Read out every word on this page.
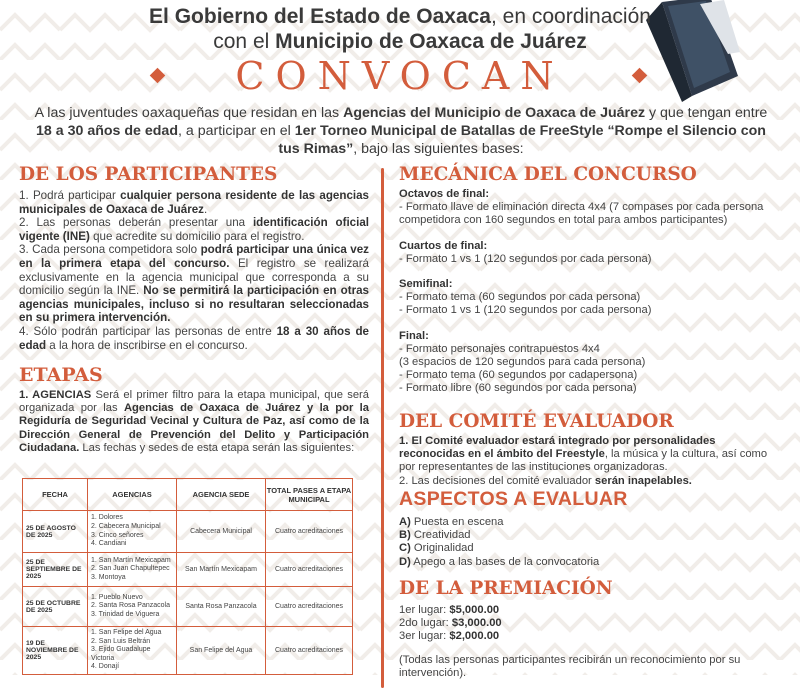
El Gobierno del Estado de Oaxaca, en coordinación
con el Municipio de Oaxaca de Juárez
CONVOCAN
A las juventudes oaxaqueñas que residan en las Agencias del Municipio de Oaxaca de Juárez y que tengan entre 18 a 30 años de edad, a participar en el 1er Torneo Municipal de Batallas de FreeStyle “Rompe el Silencio con tus Rimas”, bajo las siguientes bases:
DE LOS PARTICIPANTES

1. Podrá participar cualquier persona residente de las agencias municipales de Oaxaca de Juárez.

2. Las personas deberán presentar una identificación oficial vigente (INE) que acredite su domicilio para el registro.

3. Cada persona competidora solo podrá participar una única vez en la primera etapa del concurso. El registro se realizará exclusivamente en la agencia municipal que corresponda a su domicilio según la INE. No se permitirá la participación en otras agencias municipales, incluso si no resultaran seleccionadas en su primera intervención.

4. Sólo podrán participar las personas de entre 18 a 30 años de edad a la hora de inscribirse en el concurso.

ETAPAS

1. AGENCIAS Será el primer filtro para la etapa municipal, que será organizada por las Agencias de Oaxaca de Juárez y la por la Regiduría de Seguridad Vecinal y Cultura de Paz, así como de la Dirección General de Prevención del Delito y Participación Ciudadana. Las fechas y sedes de esta etapa serán las siguientes:

FECHA	AGENCIAS	AGENCIA SEDE	TOTAL PASES A ETAPA MUNICIPAL
25 DE AGOSTO DE 2025	1. Dolores
2. Cabecera Municipal
3. Cinco señores
4. Candiani	Cabecera Municipal	Cuatro acreditaciones
25 DE SEPTIEMBRE DE 2025	1. San Martín Mexicapam
2. San Juan Chapultepec
3. Montoya	San Martín Mexicapam	Cuatro acreditaciones
25 DE OCTUBRE DE 2025	1. Pueblo Nuevo
2. Santa Rosa Panzacola
3. Trinidad de Viguera	Santa Rosa Panzacola	Cuatro acreditaciones
19 DE NOVIEMBRE DE 2025	1. San Felipe del Agua
2. San Luis Beltrán
3. Ejido Guadalupe Victoria
4. Donají	San Felipe del Agua	Cuatro acreditaciones
MECÁNICA DEL CONCURSO

Octavos de final:

- Formato llave de eliminación directa 4x4 (7 compases por cada persona competidora con 160 segundos en total para ambos participantes)

Cuartos de final:

- Formato 1 vs 1 (120 segundos por cada persona)

Semifinal:

- Formato tema (60 segundos por cada persona)

- Formato 1 vs 1 (120 segundos por cada persona)

Final:

- Formato personajes contrapuestos 4x4

(3 espacios de 120 segundos para cada persona)

- Formato tema (60 segundos por cadapersona)

- Formato libre (60 segundos por cada persona)

DEL COMITÉ EVALUADOR

1. El Comité evaluador estará integrado por personalidades reconocidas en el ámbito del Freestyle, la música y la cultura, así como por representantes de las instituciones organizadoras.

2. Las decisiones del comité evaluador serán inapelables.

ASPECTOS A EVALUAR

A) Puesta en escena

B) Creatividad

C) Originalidad

D) Apego a las bases de la convocatoria

DE LA PREMIACIÓN

1er lugar: $5,000.00

2do lugar: $3,000.00

3er lugar: $2,000.00

(Todas las personas participantes recibirán un reconocimiento por su intervención).
